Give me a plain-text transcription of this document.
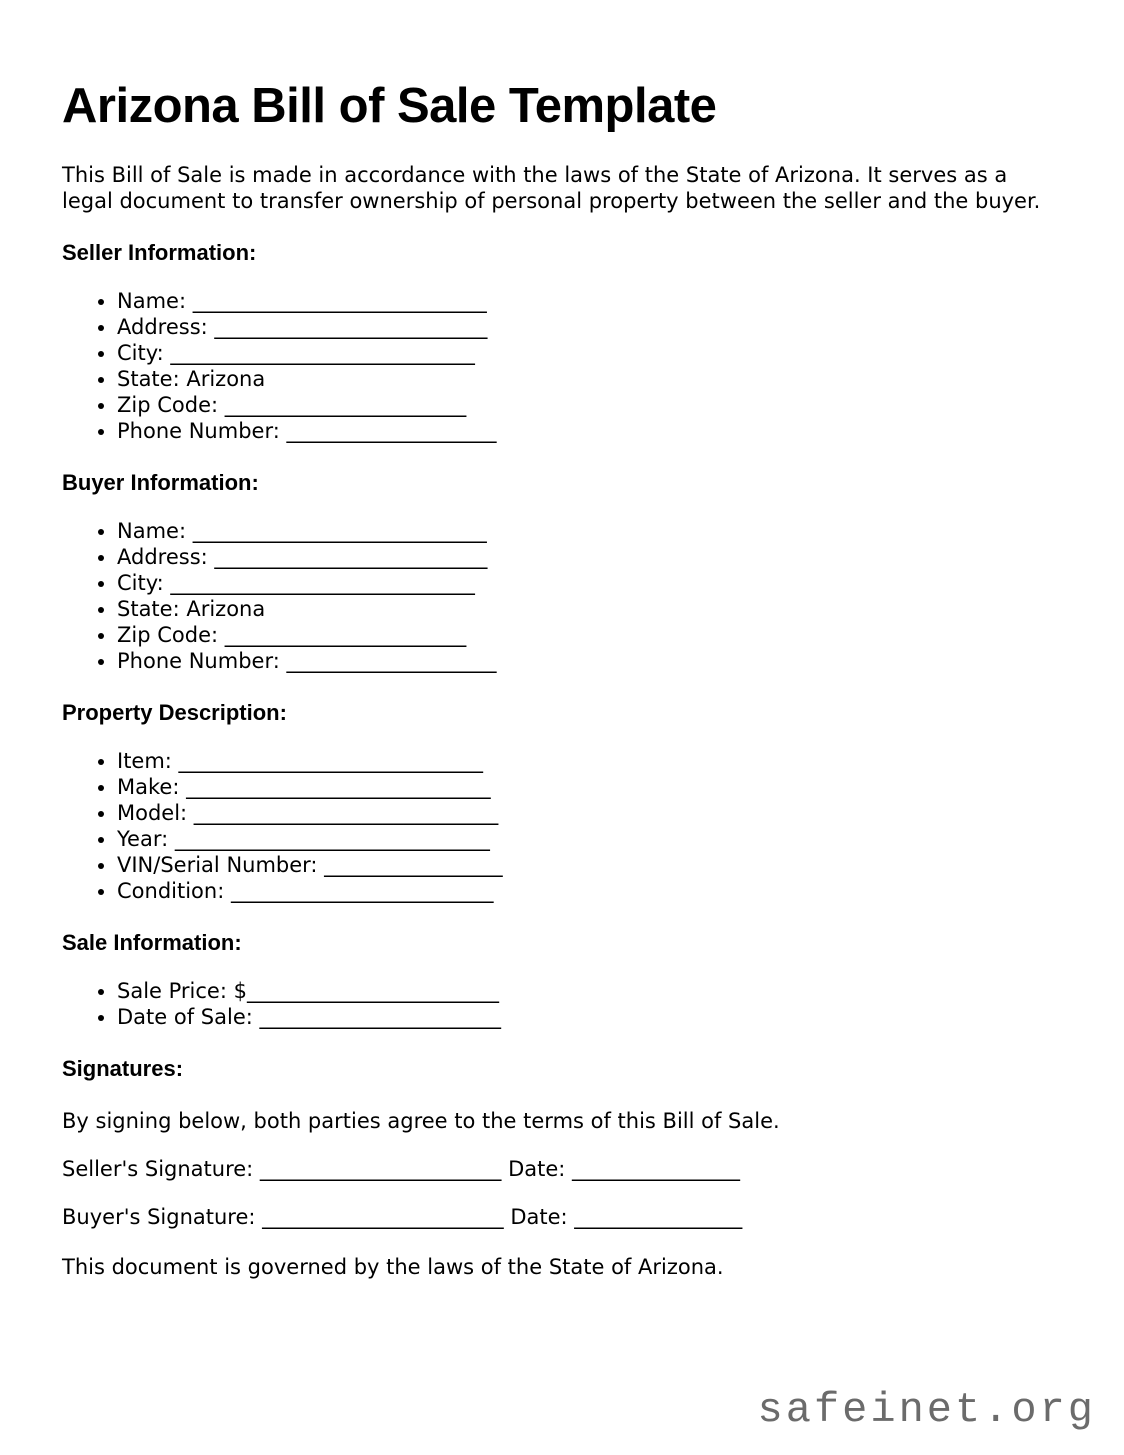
Arizona Bill of Sale Template

This Bill of Sale is made in accordance with the laws of the State of Arizona. It serves as a legal document to transfer ownership of personal property between the seller and the buyer.

Seller Information:
• Name: ____________________________
• Address: __________________________
• City: _____________________________
• State: Arizona
• Zip Code: _______________________
• Phone Number: ____________________
Buyer Information:
• Name: ____________________________
• Address: __________________________
• City: _____________________________
• State: Arizona
• Zip Code: _______________________
• Phone Number: ____________________
Property Description:
• Item: _____________________________
• Make: _____________________________
• Model: _____________________________
• Year: ______________________________
• VIN/Serial Number: _________________
• Condition: _________________________
Sale Information:
• Sale Price: $________________________
• Date of Sale: _______________________
Signatures:

By signing below, both parties agree to the terms of this Bill of Sale.

Seller's Signature: _______________________ Date: ________________

Buyer's Signature: _______________________ Date: ________________

This document is governed by the laws of the State of Arizona.

safeinet.org
